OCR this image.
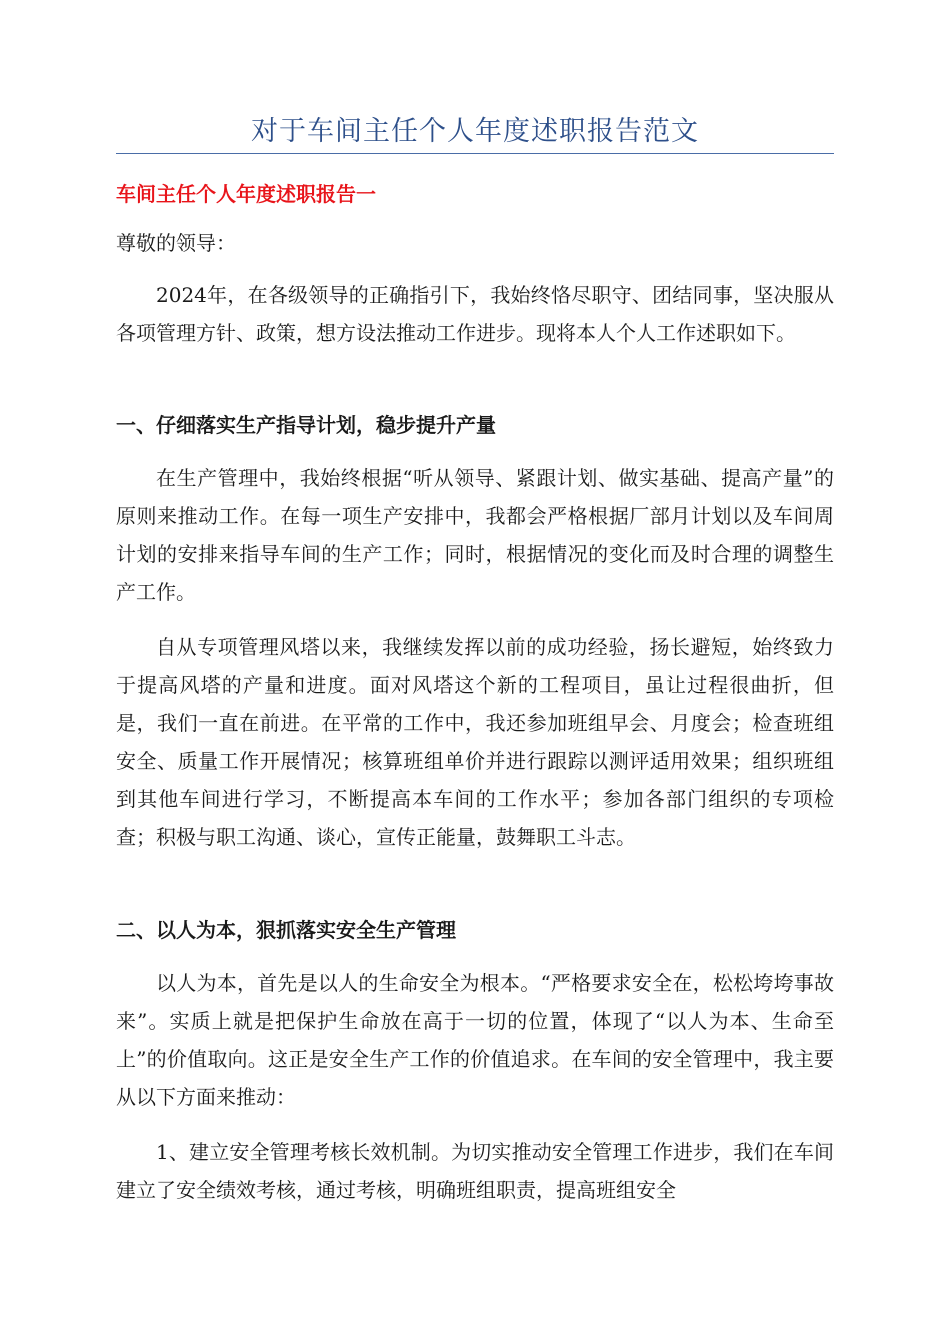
对于车间主任个人年度述职报告范文
车间主任个人年度述职报告一
尊敬的领导：

2024年，在各级领导的正确指引下，我始终恪尽职守、团结同事，坚决服从各项管理方针、政策，想方设法推动工作进步。现将本人个人工作述职如下。

一、仔细落实生产指导计划，稳步提升产量

在生产管理中，我始终根据“听从领导、紧跟计划、做实基础、提高产量”的原则来推动工作。在每一项生产安排中，我都会严格根据厂部月计划以及车间周计划的安排来指导车间的生产工作；同时，根据情况的变化而及时合理的调整生产工作。

自从专项管理风塔以来，我继续发挥以前的成功经验，扬长避短，始终致力于提高风塔的产量和进度。面对风塔这个新的工程项目，虽让过程很曲折，但是，我们一直在前进。在平常的工作中，我还参加班组早会、月度会；检查班组安全、质量工作开展情况；核算班组单价并进行跟踪以测评适用效果；组织班组到其他车间进行学习，不断提高本车间的工作水平；参加各部门组织的专项检查；积极与职工沟通、谈心，宣传正能量，鼓舞职工斗志。

二、以人为本，狠抓落实安全生产管理

以人为本，首先是以人的生命安全为根本。“严格要求安全在，松松垮垮事故来”。实质上就是把保护生命放在高于一切的位置，体现了“以人为本、生命至上”的价值取向。这正是安全生产工作的价值追求。在车间的安全管理中，我主要从以下方面来推动：

1、建立安全管理考核长效机制。为切实推动安全管理工作进步，我们在车间建立了安全绩效考核，通过考核，明确班组职责，提高班组安全
